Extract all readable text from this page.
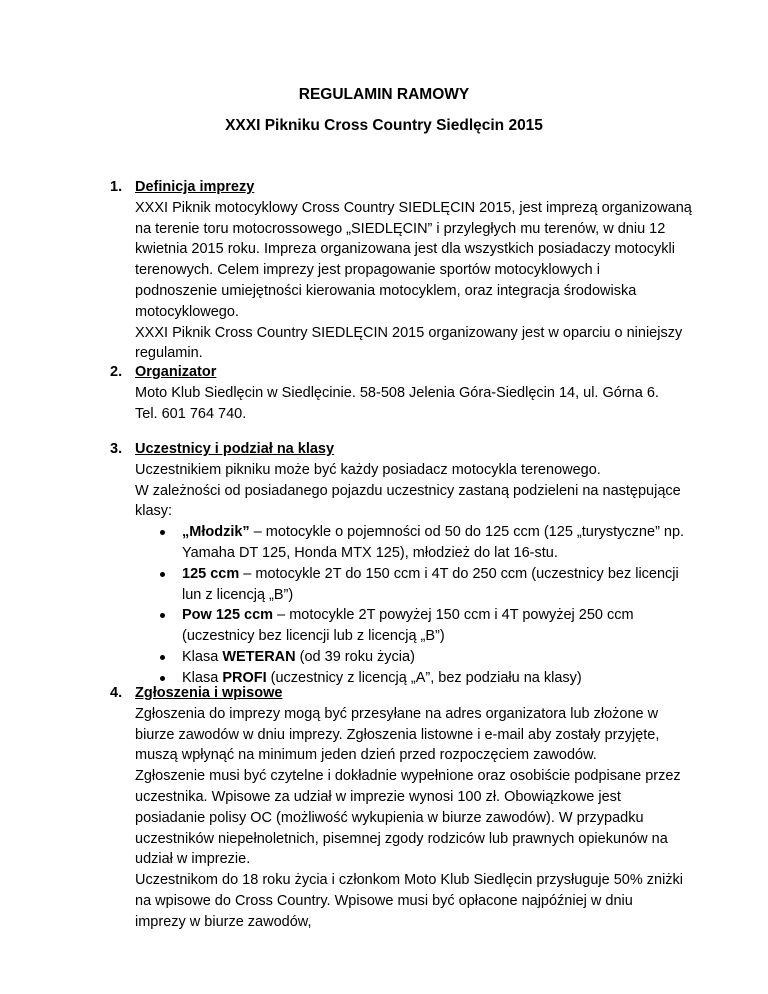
REGULAMIN RAMOWY
XXXI Pikniku Cross Country Siedlęcin 2015
1. Definicja imprezy
XXXI Piknik motocyklowy Cross Country SIEDLĘCIN 2015, jest imprezą organizowaną
na terenie toru motocrossowego „SIEDLĘCIN” i przyległych mu terenów, w dniu 12
kwietnia 2015 roku. Impreza organizowana jest dla wszystkich posiadaczy motocykli
terenowych. Celem imprezy jest propagowanie sportów motocyklowych i
podnoszenie umiejętności kierowania motocyklem, oraz integracja środowiska
motocyklowego.
XXXI Piknik Cross Country SIEDLĘCIN 2015 organizowany jest w oparciu o niniejszy
regulamin.
2. Organizator
Moto Klub Siedlęcin w Siedlęcinie. 58-508 Jelenia Góra-Siedlęcin 14, ul. Górna 6.
Tel. 601 764 740.
3. Uczestnicy i podział na klasy
Uczestnikiem pikniku może być każdy posiadacz motocykla terenowego.
W zależności od posiadanego pojazdu uczestnicy zastaną podzieleni na następujące
klasy:
„Młodzik” – motocykle o pojemności od 50 do 125 ccm (125 „turystyczne” np.
Yamaha DT 125, Honda MTX 125), młodzież do lat 16-stu.
125 ccm – motocykle 2T do 150 ccm i 4T do 250 ccm (uczestnicy bez licencji
lun z licencją „B”)
Pow 125 ccm – motocykle 2T powyżej 150 ccm i 4T powyżej 250 ccm
(uczestnicy bez licencji lub z licencją „B”)
Klasa WETERAN (od 39 roku życia)
Klasa PROFI (uczestnicy z licencją „A”, bez podziału na klasy)
4. Zgłoszenia i wpisowe
Zgłoszenia do imprezy mogą być przesyłane na adres organizatora lub złożone w
biurze zawodów w dniu imprezy. Zgłoszenia listowne i e-mail aby zostały przyjęte,
muszą wpłynąć na minimum jeden dzień przed rozpoczęciem zawodów.
Zgłoszenie musi być czytelne i dokładnie wypełnione oraz osobiście podpisane przez
uczestnika. Wpisowe za udział w imprezie wynosi 100 zł. Obowiązkowe jest
posiadanie polisy OC (możliwość wykupienia w biurze zawodów). W przypadku
uczestników niepełnoletnich, pisemnej zgody rodziców lub prawnych opiekunów na
udział w imprezie.
Uczestnikom do 18 roku życia i członkom Moto Klub Siedlęcin przysługuje 50% zniżki
na wpisowe do Cross Country. Wpisowe musi być opłacone najpóźniej w dniu
imprezy w biurze zawodów,
